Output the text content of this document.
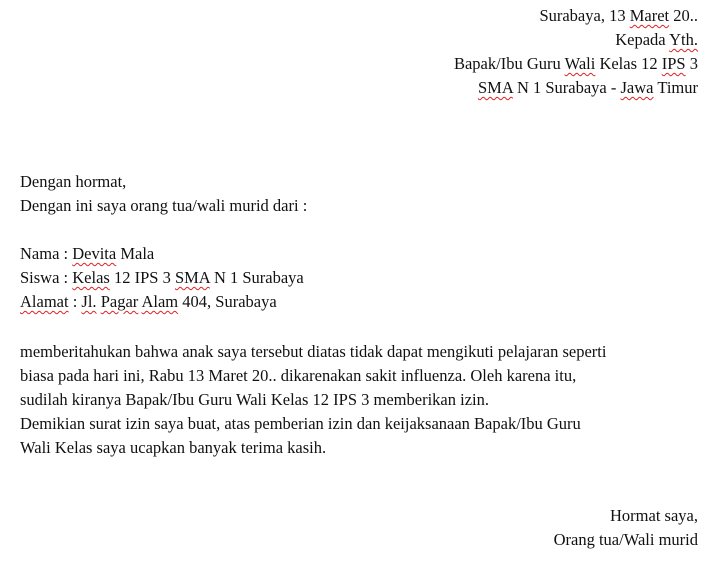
Surabaya, 13 Maret 20..
Kepada Yth.
Bapak/Ibu Guru Wali Kelas 12 IPS 3
SMA N 1 Surabaya - Jawa Timur
Dengan hormat,
Dengan ini saya orang tua/wali murid dari :
Nama : Devita Mala
Siswa : Kelas 12 IPS 3 SMA N 1 Surabaya
Alamat : Jl. Pagar Alam 404, Surabaya
memberitahukan bahwa anak saya tersebut diatas tidak dapat mengikuti pelajaran seperti
biasa pada hari ini, Rabu 13 Maret 20.. dikarenakan sakit influenza. Oleh karena itu,
sudilah kiranya Bapak/Ibu Guru Wali Kelas 12 IPS 3 memberikan izin.
Demikian surat izin saya buat, atas pemberian izin dan keijaksanaan Bapak/Ibu Guru
Wali Kelas saya ucapkan banyak terima kasih.
Hormat saya,
Orang tua/Wali murid
